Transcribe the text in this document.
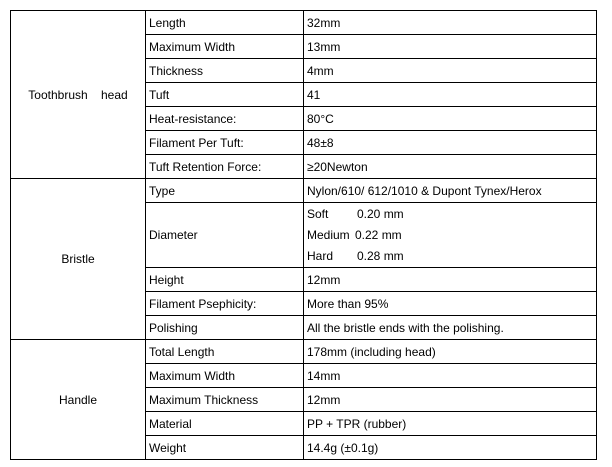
Toothbrush    head	Length	32mm
	Maximum Width	13mm
	Thickness	4mm
	Tuft	41
	Heat-resistance:	80°C
	Filament Per Tuft:	48±8
	Tuft Retention Force:	≥20Newton
Bristle	Type	Nylon/610/ 612/1010 & Dupont Tynex/Herox
	Diameter	Soft 0.20 mm
Medium 0.22 mm
Hard 0.28 mm

	Height	12mm
	Filament Psephicity:	More than 95%
	Polishing	All the bristle ends with the polishing.
Handle	Total Length	178mm (including head)
	Maximum Width	14mm
	Maximum Thickness	12mm
	Material	PP + TPR (rubber)
	Weight	14.4g (±0.1g)
